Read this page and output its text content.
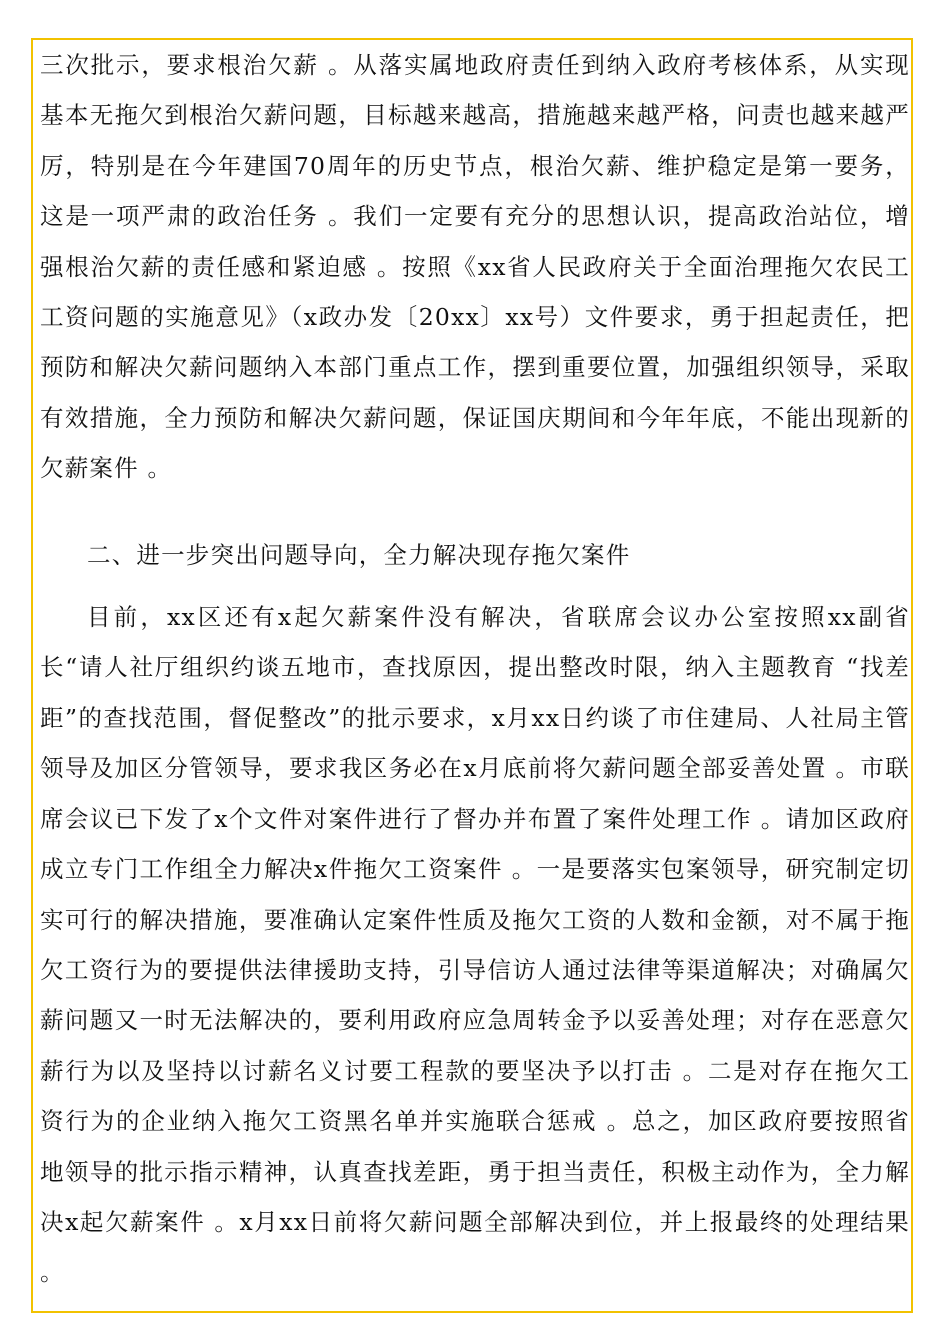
三次批示，要求根治欠薪 。从落实属地政府责任到纳入政府考核体系，从实现基本无拖欠到根治欠薪问题，目标越来越高，措施越来越严格，问责也越来越严厉，特别是在今年建国70周年的历史节点，根治欠薪、维护稳定是第一要务，这是一项严肃的政治任务 。我们一定要有充分的思想认识，提高政治站位，增强根治欠薪的责任感和紧迫感 。按照《xx省人民政府关于全面治理拖欠农民工工资问题的实施意见》（x政办发〔20xx〕xx号）文件要求，勇于担起责任，把预防和解决欠薪问题纳入本部门重点工作，摆到重要位置，加强组织领导，采取有效措施，全力预防和解决欠薪问题，保证国庆期间和今年年底，不能出现新的欠薪案件 。

二、进一步突出问题导向，全力解决现存拖欠案件

目前，xx区还有x起欠薪案件没有解决，省联席会议办公室按照xx副省长“请人社厅组织约谈五地市，查找原因，提出整改时限，纳入主题教育 “找差距”的查找范围，督促整改”的批示要求，x月xx日约谈了市住建局、人社局主管领导及加区分管领导，要求我区务必在x月底前将欠薪问题全部妥善处置 。市联席会议已下发了x个文件对案件进行了督办并布置了案件处理工作 。请加区政府成立专门工作组全力解决x件拖欠工资案件 。一是要落实包案领导，研究制定切实可行的解决措施，要准确认定案件性质及拖欠工资的人数和金额，对不属于拖欠工资行为的要提供法律援助支持，引导信访人通过法律等渠道解决；对确属欠薪问题又一时无法解决的，要利用政府应急周转金予以妥善处理；对存在恶意欠薪行为以及坚持以讨薪名义讨要工程款的要坚决予以打击 。二是对存在拖欠工资行为的企业纳入拖欠工资黑名单并实施联合惩戒 。总之，加区政府要按照省地领导的批示指示精神，认真查找差距，勇于担当责任，积极主动作为，全力解决x起欠薪案件 。x月xx日前将欠薪问题全部解决到位，并上报最终的处理结果 。
